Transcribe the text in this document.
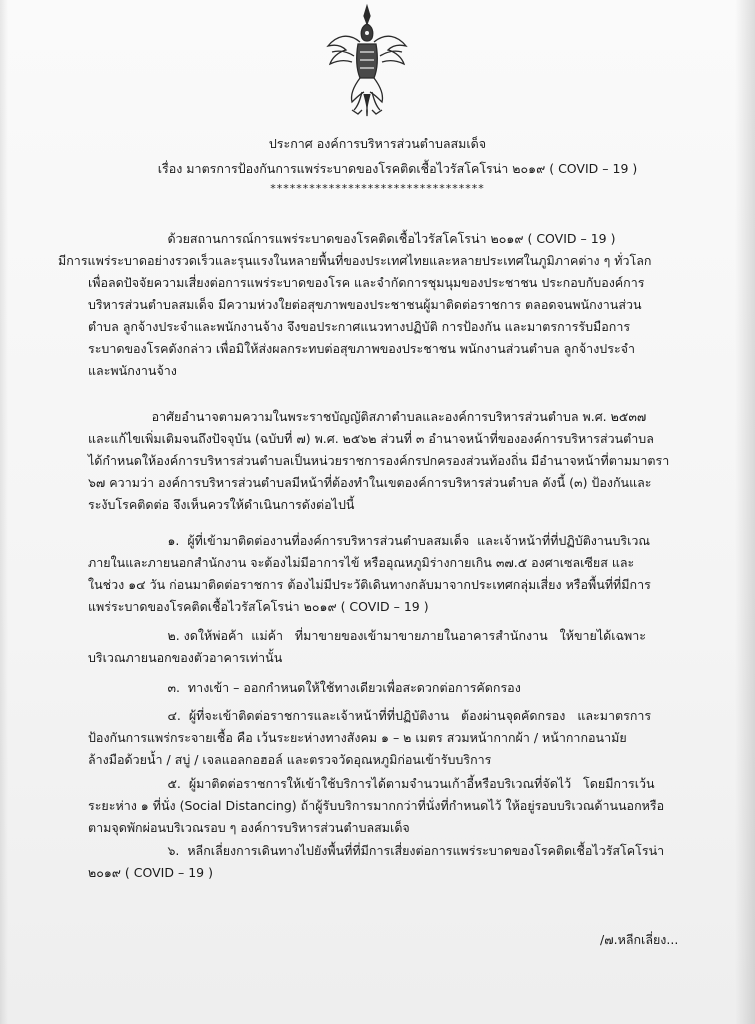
ประกาศ องค์การบริหารส่วนตำบลสมเด็จ
เรื่อง มาตรการป้องกันการแพร่ระบาดของโรคติดเชื้อไวรัสโคโรน่า ๒๐๑๙ ( COVID – 19 )
*********************************
ด้วยสถานการณ์การแพร่ระบาดของโรคติดเชื้อไวรัสโคโรน่า ๒๐๑๙ ( COVID – 19 )
มีการแพร่ระบาดอย่างรวดเร็วและรุนแรงในหลายพื้นที่ของประเทศไทยและหลายประเทศในภูมิภาคต่าง ๆ ทั่วโลก
เพื่อลดปัจจัยความเสี่ยงต่อการแพร่ระบาดของโรค และจำกัดการชุมนุมของประชาชน ประกอบกับองค์การ
บริหารส่วนตำบลสมเด็จ มีความห่วงใยต่อสุขภาพของประชาชนผู้มาติดต่อราชการ ตลอดจนพนักงานส่วน
ตำบล ลูกจ้างประจำและพนักงานจ้าง จึงขอประกาศแนวทางปฏิบัติ การป้องกัน และมาตรการรับมือการ
ระบาดของโรคดังกล่าว เพื่อมิให้ส่งผลกระทบต่อสุขภาพของประชาชน พนักงานส่วนตำบล ลูกจ้างประจำ
และพนักงานจ้าง
อาศัยอำนาจตามความในพระราชบัญญัติสภาตำบลและองค์การบริหารส่วนตำบล พ.ศ. ๒๕๓๗
และแก้ไขเพิ่มเติมจนถึงปัจจุบัน (ฉบับที่ ๗) พ.ศ. ๒๕๖๒ ส่วนที่ ๓ อำนาจหน้าที่ขององค์การบริหารส่วนตำบล
ได้กำหนดให้องค์การบริหารส่วนตำบลเป็นหน่วยราชการองค์กรปกครองส่วนท้องถิ่น มีอำนาจหน้าที่ตามมาตรา
๖๗ ความว่า องค์การบริหารส่วนตำบลมีหน้าที่ต้องทำในเขตองค์การบริหารส่วนตำบล ดังนี้ (๓) ป้องกันและ
ระงับโรคติดต่อ จึงเห็นควรให้ดำเนินการดังต่อไปนี้
๑.  ผู้ที่เข้ามาติดต่องานที่องค์การบริหารส่วนตำบลสมเด็จ  และเจ้าหน้าที่ที่ปฏิบัติงานบริเวณ
ภายในและภายนอกสำนักงาน จะต้องไม่มีอาการไข้ หรืออุณหภูมิร่างกายเกิน ๓๗.๕ องศาเซลเซียส และ
ในช่วง ๑๔ วัน ก่อนมาติดต่อราชการ ต้องไม่มีประวัติเดินทางกลับมาจากประเทศกลุ่มเสี่ยง หรือพื้นที่ที่มีการ
แพร่ระบาดของโรคติดเชื้อไวรัสโคโรน่า ๒๐๑๙ ( COVID – 19 )
๒. งดให้พ่อค้า  แม่ค้า   ที่มาขายของเข้ามาขายภายในอาคารสำนักงาน   ให้ขายได้เฉพาะ
บริเวณภายนอกของตัวอาคารเท่านั้น
๓.  ทางเข้า – ออกกำหนดให้ใช้ทางเดียวเพื่อสะดวกต่อการคัดกรอง
๔.  ผู้ที่จะเข้าติดต่อราชการและเจ้าหน้าที่ที่ปฏิบัติงาน   ต้องผ่านจุดคัดกรอง   และมาตรการ
ป้องกันการแพร่กระจายเชื้อ คือ เว้นระยะห่างทางสังคม ๑ – ๒ เมตร สวมหน้ากากผ้า / หน้ากากอนามัย
ล้างมือด้วยน้ำ / สบู่ / เจลแอลกอฮอล์ และตรวจวัดอุณหภูมิก่อนเข้ารับบริการ
๕.  ผู้มาติดต่อราชการให้เข้าใช้บริการได้ตามจำนวนเก้าอี้หรือบริเวณที่จัดไว้   โดยมีการเว้น
ระยะห่าง ๑ ที่นั่ง (Social Distancing) ถ้าผู้รับบริการมากกว่าที่นั่งที่กำหนดไว้ ให้อยู่รอบบริเวณด้านนอกหรือ
ตามจุดพักผ่อนบริเวณรอบ ๆ องค์การบริหารส่วนตำบลสมเด็จ
๖.  หลีกเลี่ยงการเดินทางไปยังพื้นที่ที่มีการเสี่ยงต่อการแพร่ระบาดของโรคติดเชื้อไวรัสโคโรน่า
๒๐๑๙ ( COVID – 19 )
/๗.หลีกเลี่ยง...
